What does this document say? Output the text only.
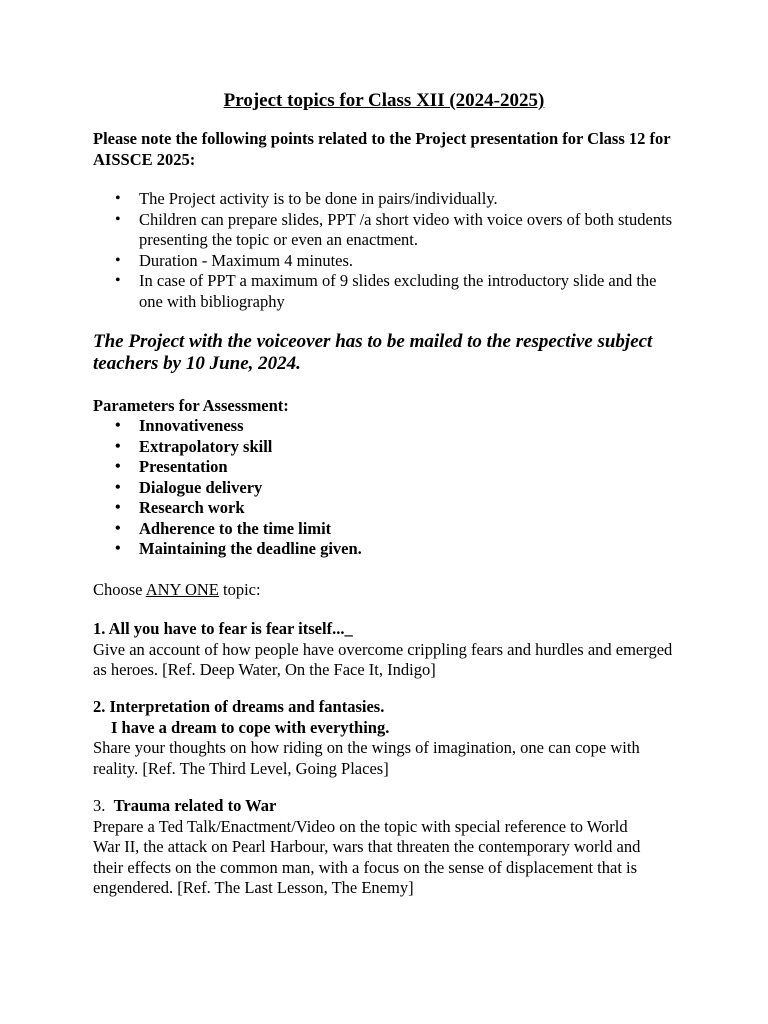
Project topics for Class XII (2024-2025)
Please note the following points related to the Project presentation for Class 12 for AISSCE 2025:
• The Project activity is to be done in pairs/individually.
• Children can prepare slides, PPT /a short video with voice overs of both students presenting the topic or even an enactment.
• Duration - Maximum 4 minutes.
• In case of PPT a maximum of 9 slides excluding the introductory slide and the one with bibliography
The Project with the voiceover has to be mailed to the respective subject teachers by 10 June, 2024.
Parameters for Assessment:
• Innovativeness
• Extrapolatory skill
• Presentation
• Dialogue delivery
• Research work
• Adherence to the time limit
• Maintaining the deadline given.
Choose ANY ONE topic:
1. All you have to fear is fear itself..._
Give an account of how people have overcome crippling fears and hurdles and emerged as heroes. [Ref. Deep Water, On the Face It, Indigo]
2. Interpretation of dreams and fantasies.
I have a dream to cope with everything.
Share your thoughts on how riding on the wings of imagination, one can cope with reality. [Ref. The Third Level, Going Places]
3.  Trauma related to War
Prepare a Ted Talk/Enactment/Video on the topic with special reference to World War II, the attack on Pearl Harbour, wars that threaten the contemporary world and their effects on the common man, with a focus on the sense of displacement that is engendered. [Ref. The Last Lesson, The Enemy]
